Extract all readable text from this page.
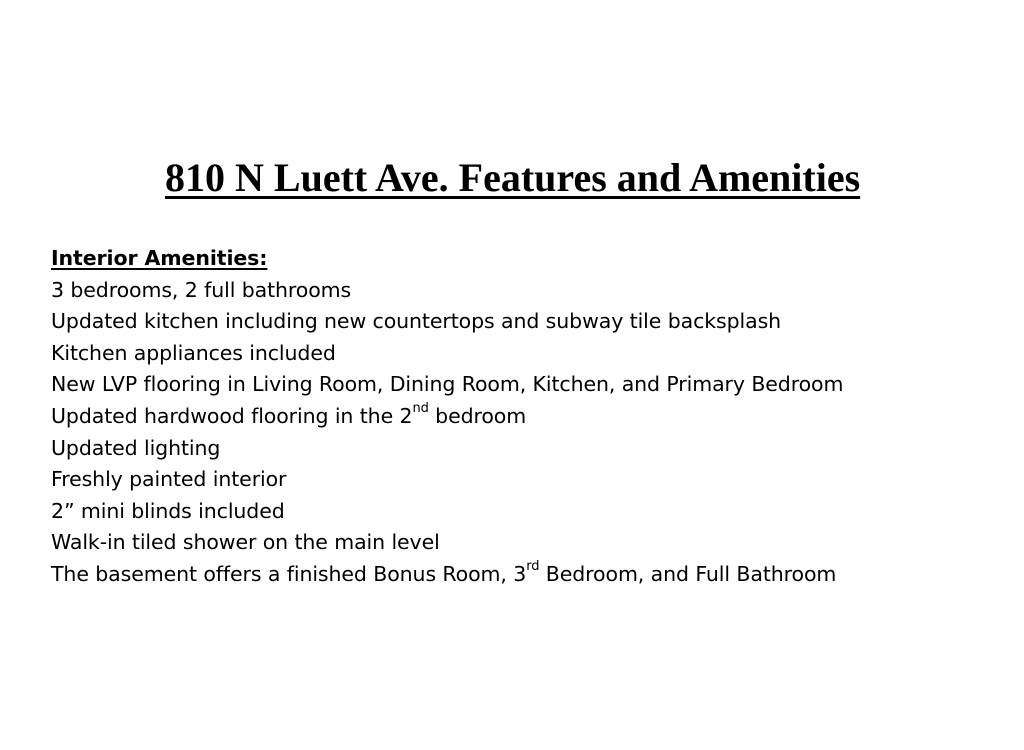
810 N Luett Ave. Features and Amenities
Interior Amenities:
3 bedrooms, 2 full bathrooms
Updated kitchen including new countertops and subway tile backsplash
Kitchen appliances included
New LVP flooring in Living Room, Dining Room, Kitchen, and Primary Bedroom
Updated hardwood flooring in the 2nd bedroom
Updated lighting
Freshly painted interior
2” mini blinds included
Walk-in tiled shower on the main level
The basement offers a finished Bonus Room, 3rd Bedroom, and Full Bathroom
